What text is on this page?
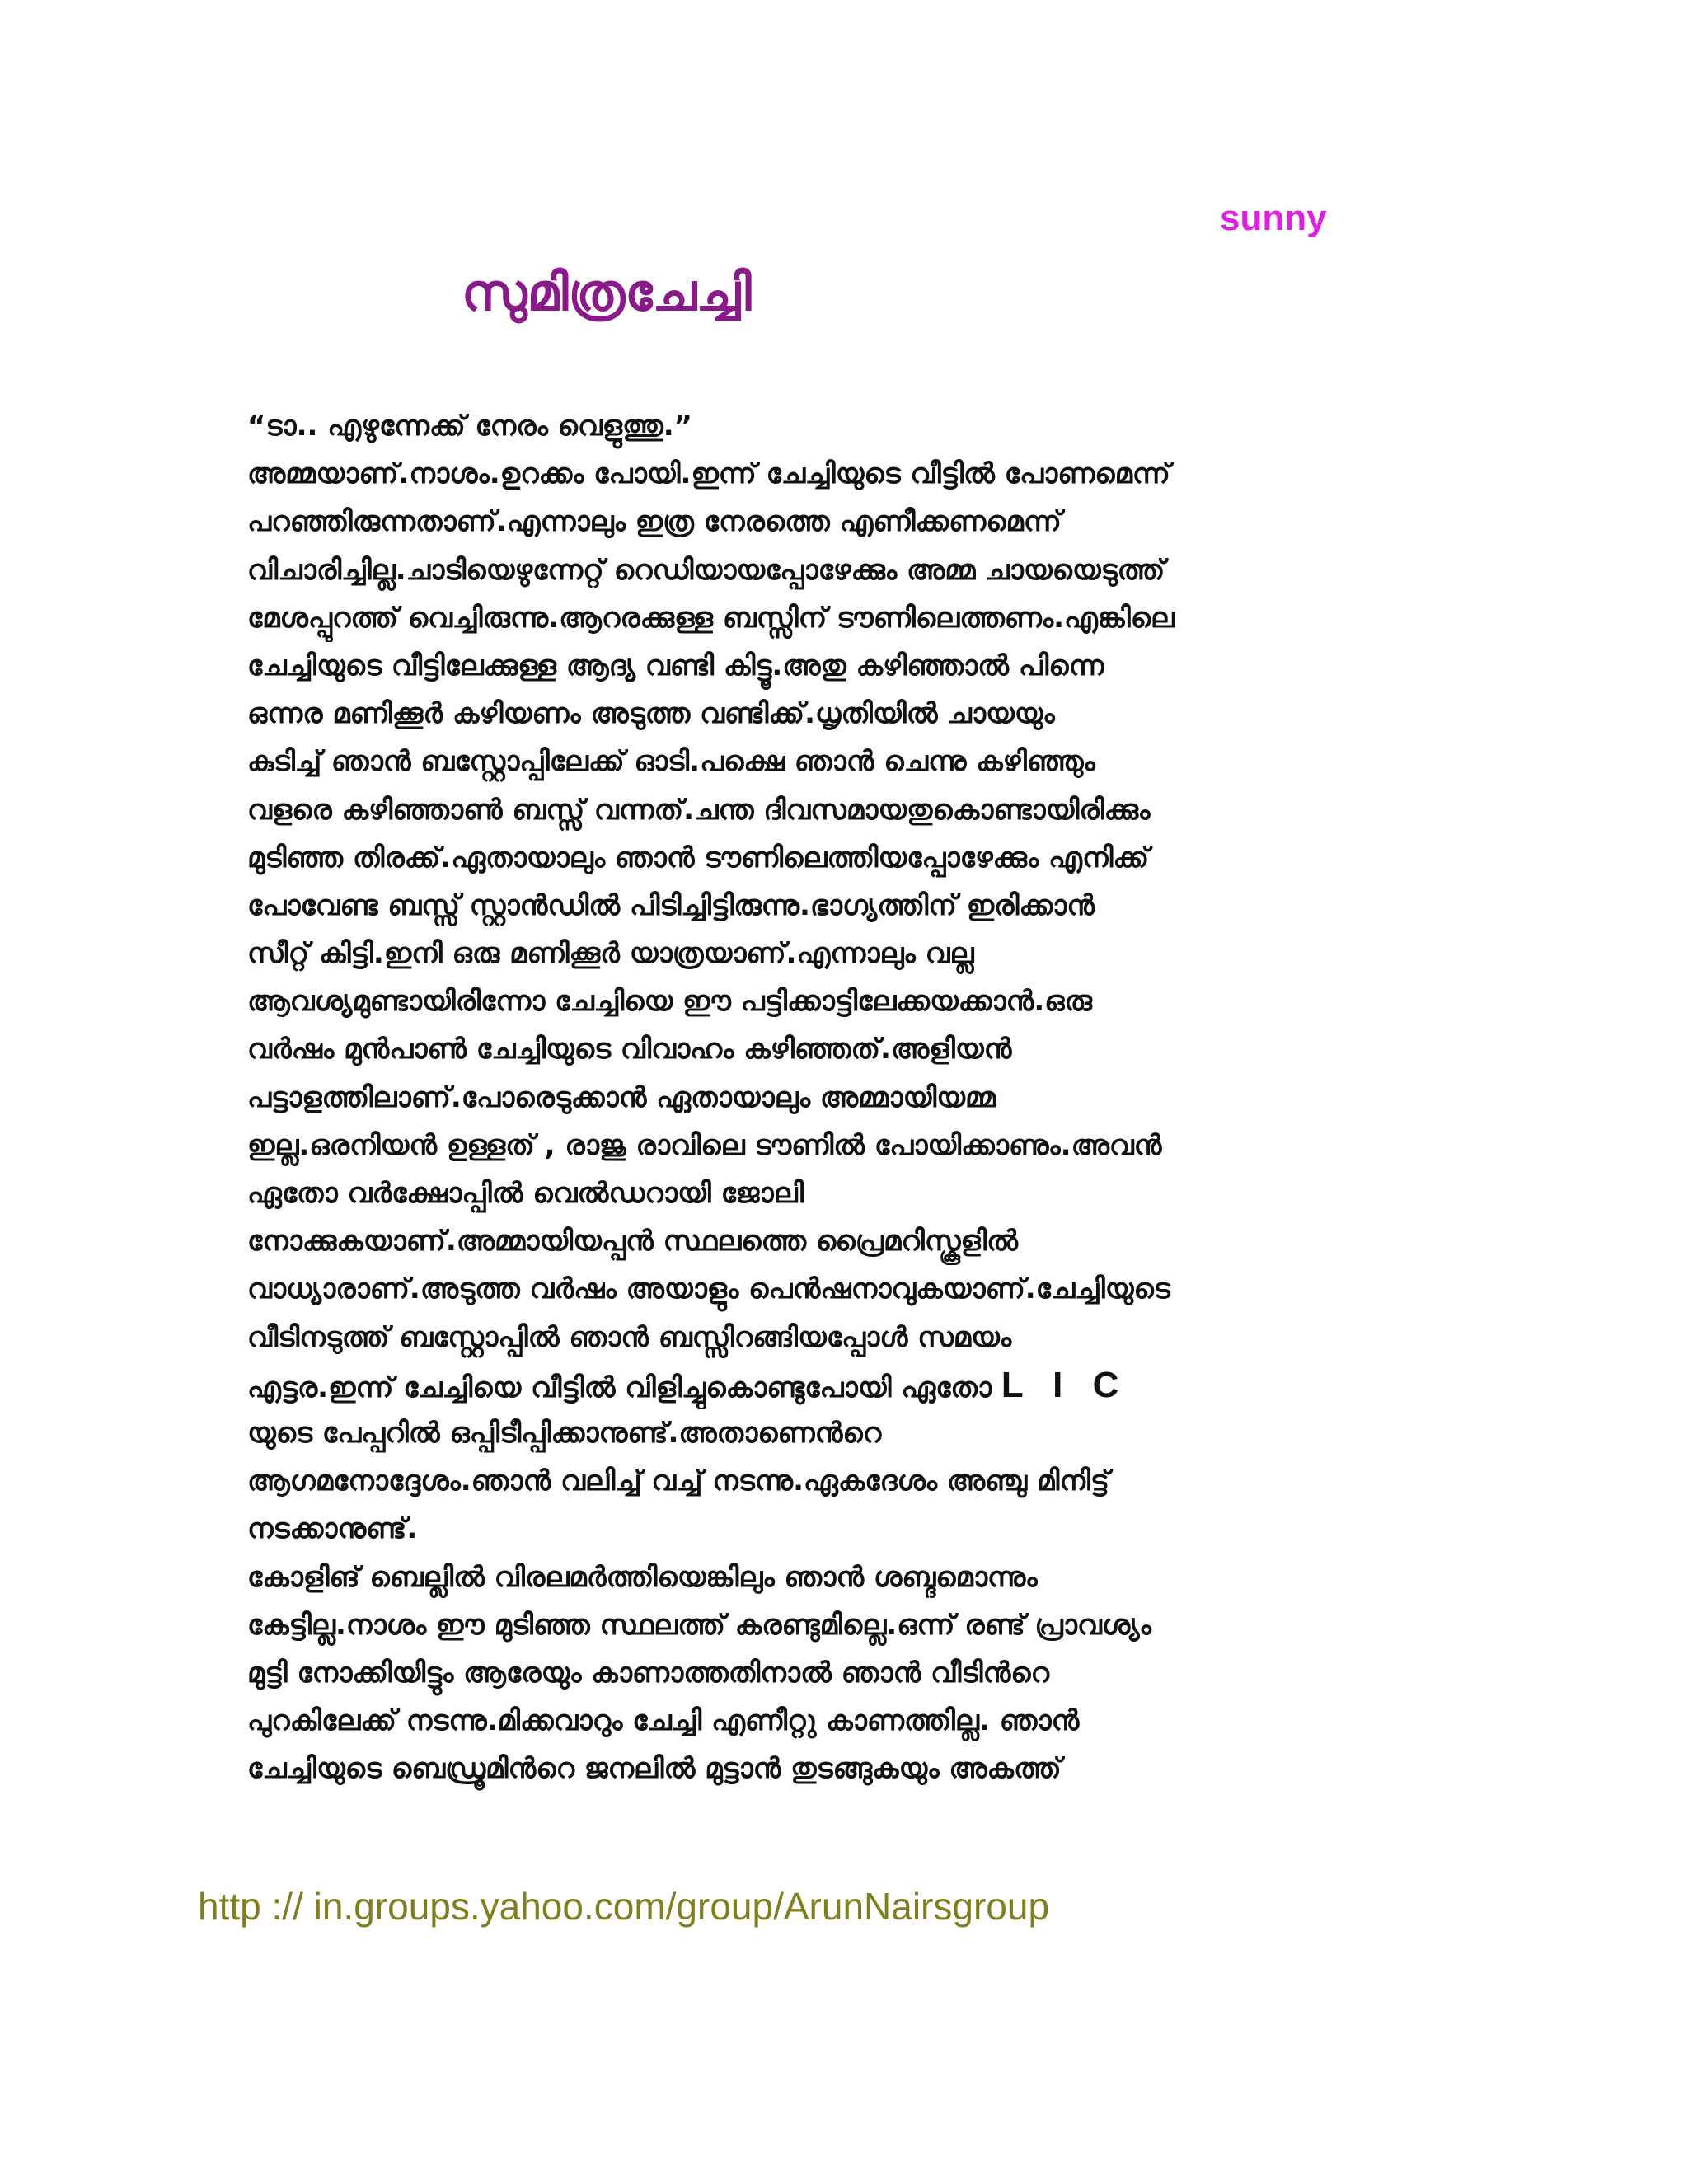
sunny
സുമിത്രചേച്ചി
“ടാ.. എഴുന്നേക്ക് നേരം വെളുത്തു.”
അമ്മയാണ്.നാശം.ഉറക്കം പോയി.ഇന്ന് ചേച്ചിയുടെ വീട്ടില്‍ പോണമെന്ന്
പറഞ്ഞിരുന്നതാണ്.എന്നാലും ഇത്ര നേരത്തെ എണീക്കണമെന്ന്
വിചാരിച്ചില്ല.ചാടിയെഴുന്നേറ്റ് റെഡിയായപ്പോഴേക്കും അമ്മ ചായയെടുത്ത്
മേശപ്പുറത്ത് വെച്ചിരുന്നു.ആറരക്കുള്ള ബസ്സിന് ടൗണിലെത്തണം.എങ്കിലെ
ചേച്ചിയുടെ വീട്ടിലേക്കുള്ള ആദ്യ വണ്ടി കിട്ടൂ.അതു കഴിഞ്ഞാല്‍ പിന്നെ
ഒന്നര മണിക്കൂര്‍ കഴിയണം അടുത്ത വണ്ടിക്ക്.ധൃതിയില്‍ ചായയും
കുടിച്ച് ഞാന്‍ ബസ്റ്റോപ്പിലേക്ക് ഓടി.പക്ഷെ ഞാന്‍ ചെന്നു കഴിഞ്ഞും
വളരെ കഴിഞ്ഞാണ്‍ ബസ്സ് വന്നത്.ചന്ത ദിവസമായതുകൊണ്ടായിരിക്കും
മുടിഞ്ഞ തിരക്ക്.ഏതായാലും ഞാന്‍ ടൗണിലെത്തിയപ്പോഴേക്കും എനിക്ക്
പോവേണ്ട ബസ്സ് സ്റ്റാന്‍ഡില്‍ പിടിച്ചിട്ടിരുന്നു.ഭാഗ്യത്തിന് ഇരിക്കാന്‍
സീറ്റ് കിട്ടി.ഇനി ഒരു മണിക്കൂര്‍ യാത്രയാണ്.എന്നാലും വല്ല
ആവശ്യമുണ്ടായിരിന്നോ ചേച്ചിയെ ഈ പട്ടിക്കാട്ടിലേക്കയക്കാന്‍.ഒരു
വര്‍ഷം മുന്‍പാണ്‍ ചേച്ചിയുടെ വിവാഹം കഴിഞ്ഞത്.അളിയന്‍
പട്ടാളത്തിലാണ്.പോരെടുക്കാന്‍ ഏതായാലും അമ്മായിയമ്മ
ഇല്ല.ഒരനിയന്‍ ഉള്ളത് , രാജു രാവിലെ ടൗണില്‍ പോയിക്കാണും.അവന്‍
ഏതോ വര്‍ക്ഷോപ്പില്‍ വെല്‍ഡറായി ജോലി
നോക്കുകയാണ്.അമ്മായിയപ്പന്‍ സ്ഥലത്തെ പ്രൈമറിസ്കൂളില്‍
വാധ്യാരാണ്.അടുത്ത വര്‍ഷം അയാളും പെന്‍ഷനാവുകയാണ്.ചേച്ചിയുടെ
വീടിനടുത്ത് ബസ്റ്റോപ്പില്‍ ഞാന്‍ ബസ്സിറങ്ങിയപ്പോള്‍ സമയം
എട്ടര.ഇന്ന് ചേച്ചിയെ വീട്ടില്‍ വിളിച്ചുകൊണ്ടുപോയി ഏതോ L I C
യുടെ പേപ്പറില്‍ ഒപ്പിടീപ്പിക്കാനുണ്ട്.അതാണെന്‍റെ
ആഗമനോദ്ദേശം.ഞാന്‍ വലിച്ച് വച്ച് നടന്നു.ഏകദേശം അഞ്ചു മിനിട്ട്
നടക്കാനുണ്ട്.
കോളിങ് ബെല്ലില്‍ വിരലമര്‍ത്തിയെങ്കിലും ഞാന്‍ ശബ്ദമൊന്നും
കേട്ടില്ല.നാശം ഈ മുടിഞ്ഞ സ്ഥലത്ത് കരണ്ടുമില്ലെ.ഒന്ന് രണ്ട് പ്രാവശ്യം
മുട്ടി നോക്കിയിട്ടും ആരേയും കാണാത്തതിനാല്‍ ഞാന്‍ വീടിന്‍റെ
പുറകിലേക്ക് നടന്നു.മിക്കവാറും ചേച്ചി എണീറ്റു കാണത്തില്ല. ഞാന്‍
ചേച്ചിയുടെ ബെഡ്രൂമിന്‍റെ ജനലില്‍ മുട്ടാന്‍ തുടങ്ങുകയും അകത്ത്
http :// in.groups.yahoo.com/group/ArunNairsgroup
